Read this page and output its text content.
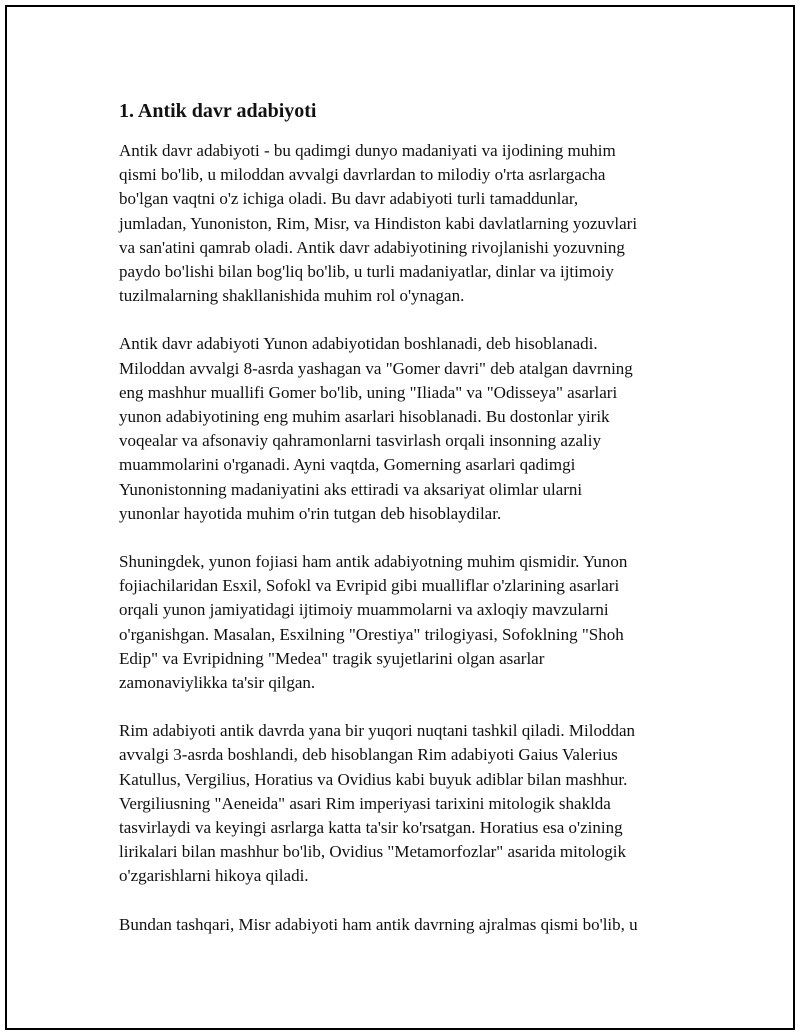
1. Antik davr adabiyoti

Antik davr adabiyoti - bu qadimgi dunyo madaniyati va ijodining muhim
qismi bo'lib, u miloddan avvalgi davrlardan to milodiy o'rta asrlargacha
bo'lgan vaqtni o'z ichiga oladi. Bu davr adabiyoti turli tamaddunlar,
jumladan, Yunoniston, Rim, Misr, va Hindiston kabi davlatlarning yozuvlari
va san'atini qamrab oladi. Antik davr adabiyotining rivojlanishi yozuvning
paydo bo'lishi bilan bog'liq bo'lib, u turli madaniyatlar, dinlar va ijtimoiy
tuzilmalarning shakllanishida muhim rol o'ynagan.

Antik davr adabiyoti Yunon adabiyotidan boshlanadi, deb hisoblanadi.
Miloddan avvalgi 8-asrda yashagan va "Gomer davri" deb atalgan davrning
eng mashhur muallifi Gomer bo'lib, uning "Iliada" va "Odisseya" asarlari
yunon adabiyotining eng muhim asarlari hisoblanadi. Bu dostonlar yirik
voqealar va afsonaviy qahramonlarni tasvirlash orqali insonning azaliy
muammolarini o'rganadi. Ayni vaqtda, Gomerning asarlari qadimgi
Yunonistonning madaniyatini aks ettiradi va aksariyat olimlar ularni
yunonlar hayotida muhim o'rin tutgan deb hisoblaydilar.

Shuningdek, yunon fojiasi ham antik adabiyotning muhim qismidir. Yunon
fojiachilaridan Esxil, Sofokl va Evripid gibi mualliflar o'zlarining asarlari
orqali yunon jamiyatidagi ijtimoiy muammolarni va axloqiy mavzularni
o'rganishgan. Masalan, Esxilning "Orestiya" trilogiyasi, Sofoklning "Shoh
Edip" va Evripidning "Medea" tragik syujetlarini olgan asarlar
zamonaviylikka ta'sir qilgan.

Rim adabiyoti antik davrda yana bir yuqori nuqtani tashkil qiladi. Miloddan
avvalgi 3-asrda boshlandi, deb hisoblangan Rim adabiyoti Gaius Valerius
Katullus, Vergilius, Horatius va Ovidius kabi buyuk adiblar bilan mashhur.
Vergiliusning "Aeneida" asari Rim imperiyasi tarixini mitologik shaklda
tasvirlaydi va keyingi asrlarga katta ta'sir ko'rsatgan. Horatius esa o'zining
lirikalari bilan mashhur bo'lib, Ovidius "Metamorfozlar" asarida mitologik
o'zgarishlarni hikoya qiladi.

Bundan tashqari, Misr adabiyoti ham antik davrning ajralmas qismi bo'lib, u
